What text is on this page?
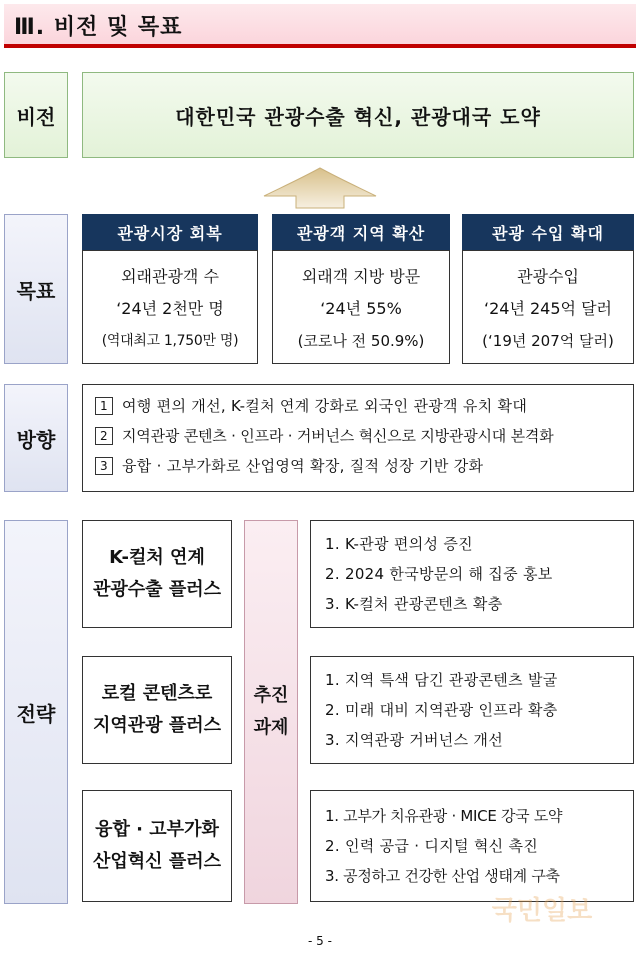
Ⅲ. 비전 및 목표
비전	대한민국 관광수출 혁신, 관광대국 도약
목표
관광시장 회복
외래관광객 수
‘24년 2천만 명
(역대최고 1,750만 명)
관광객 지역 확산
외래객 지방 방문
‘24년 55%
(코로나 전 50.9%)
관광 수입 확대
관광수입
‘24년 245억 달러
(‘19년 207억 달러)
방향
1 여행 편의 개선, K-컬처 연계 강화로 외국인 관광객 유치 확대
2 지역관광 콘텐츠 · 인프라 · 거버넌스 혁신으로 지방관광시대 본격화
3 융합 · 고부가화로 산업영역 확장, 질적 성장 기반 강화
전략
K-컬처 연계
관광수출 플러스
로컬 콘텐츠로
지역관광 플러스
융합 · 고부가화
산업혁신 플러스
추진
과제
1. K-관광 편의성 증진
2. 2024 한국방문의 해 집중 홍보
3. K-컬처 관광콘텐츠 확충
1. 지역 특색 담긴 관광콘텐츠 발굴
2. 미래 대비 지역관광 인프라 확충
3. 지역관광 거버넌스 개선
1. 고부가 치유관광 · MICE 강국 도약
2. 인력 공급 · 디지털 혁신 촉진
3. 공정하고 건강한 산업 생태계 구축
국민일보
- 5 -
